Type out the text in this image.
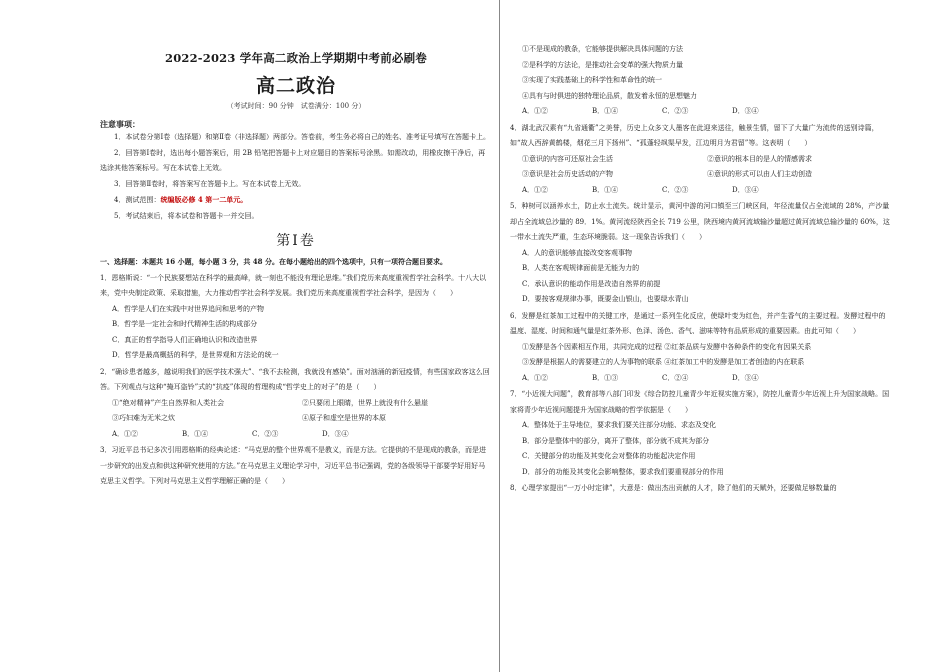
2022-2023 学年高二政治上学期期中考前必刷卷
高二政治
（考试时间：90 分钟　试卷满分：100 分）
注意事项：
1．本试卷分第Ⅰ卷（选择题）和第Ⅱ卷（非选择题）两部分。答卷前，考生务必将自己的姓名、准考证号填写在答题卡上。
2．回答第Ⅰ卷时，选出每小题答案后，用 2B 铅笔把答题卡上对应题目的答案标号涂黑。如需改动，用橡皮擦干净后，再选涂其他答案标号。写在本试卷上无效。
3．回答第Ⅱ卷时，将答案写在答题卡上。写在本试卷上无效。
4．测试范围：统编版必修 4 第一二单元。
5．考试结束后，将本试卷和答题卡一并交回。
第Ⅰ卷
一、选择题：本题共 16 小题，每小题 3 分，共 48 分。在每小题给出的四个选项中，只有一项符合题目要求。
1．恩格斯说：“一个民族要想站在科学的最高峰，就一刻也不能没有理论思维。”我们党历来高度重视哲学社会科学。十八大以来，党中央制定政策、采取措施，大力推动哲学社会科学发展。我们党历来高度重视哲学社会科学，是因为（　　）
A．哲学是人们在实践中对世界追问和思考的产物
B．哲学是一定社会和时代精神生活的构成部分
C．真正的哲学指导人们正确地认识和改造世界
D．哲学是最高概括的科学，是世界观和方法论的统一
2．“确诊患者越多，越说明我们的医学技术强大”、“我不去检测，我就没有感染”。面对汹涌的新冠疫情，有些国家政客这么回答。下列观点与这种“掩耳盗铃”式的“抗疫”体现的哲理构成“哲学史上的对子”的是（　　）
①“绝对精神”产生自然界和人类社会	②只要闭上眼睛，世界上就没有什么悬崖
③巧妇难为无米之炊	④原子和虚空是世界的本原
A．①②	B．①④	C．②③	D．③④
3．习近平总书记多次引用恩格斯的经典论述：“马克思的整个世界观不是教义，而是方法。它提供的不是现成的教条，而是进一步研究的出发点和供这种研究使用的方法。”在马克思主义理论学习中，习近平总书记强调，党的各级领导干部要学好用好马克思主义哲学。下列对马克思主义哲学理解正确的是（　　）
①不是现成的教条，它能够提供解决具体问题的方法
②是科学的方法论，是推动社会变革的强大物质力量
③实现了实践基础上的科学性和革命性的统一
④具有与时俱进的独特理论品质，散发着永恒的思想魅力
A．①②	B．①④	C．②③	D．③④
4．湖北武汉素有“九省通衢”之美誉，历史上众多文人墨客在此迎来送往，触景生情，留下了大量广为流传的送别诗篇，如“故人西辞黄鹤楼，烟花三月下扬州”、“孤蓬轻飒渠早发，江边明月为君留”等。这表明（　　）
①意识的内容可还原社会生活	②意识的根本目的是人的情感需求
③意识是社会历史活动的产物	④意识的形式可以由人们主动创造
A．①②	B．①④	C．②③	D．③④
5．种树可以涵养水土，防止水土流失。统计显示，黄河中游的河口镇至三门峡区间，年径流量仅占全流域的 28%，产沙量却占全流域总沙量的 89．1%。黄河流经陕西全长 719 公里，陕西境内黄河流域输沙量超过黄河流域总输沙量的 60%，这一带水土流失严重，生态环境脆弱。这一现象告诉我们（　　）
A．人的意识能够直接改变客观事物
B．人类在客观规律面前是无能为力的
C．承认意识的能动作用是改造自然界的前提
D．要按客观规律办事，既要金山银山，也要绿水青山
6．发酵是红茶加工过程中的关键工序，是通过一系列生化反应，使绿叶变为红色，并产生香气的主要过程。发酵过程中的温度、湿度、时间和通气量是红茶外形、色泽、汤色、香气、滋味等特有品质形成的重要因素。由此可知（　　）
①发酵是各个因素相互作用，共同完成的过程 ②红茶品质与发酵中各种条件的变化有因果关系
③发酵是根据人的需要建立的人为事物的联系 ④红茶加工中的发酵是加工者创造的内在联系
A．①②	B．①③	C．②④	D．③④
7．“小近视大问题”，教育部等八部门印发《综合防控儿童青少年近视实施方案》，防控儿童青少年近视上升为国家战略。国家将青少年近视问题提升为国家战略的哲学依据是（　　）
A．整体处于主导地位，要求我们要关注部分功能、求态及变化
B．部分是整体中的部分，离开了整体，部分就不成其为部分
C．关键部分的功能及其变化会对整体的功能起决定作用
D．部分的功能及其变化会影响整体，要求我们要重视部分的作用
8．心理学家提出“一万小时定律”，大意是：做出杰出贡献的人才，除了他们的天赋外，还要做足够数量的
